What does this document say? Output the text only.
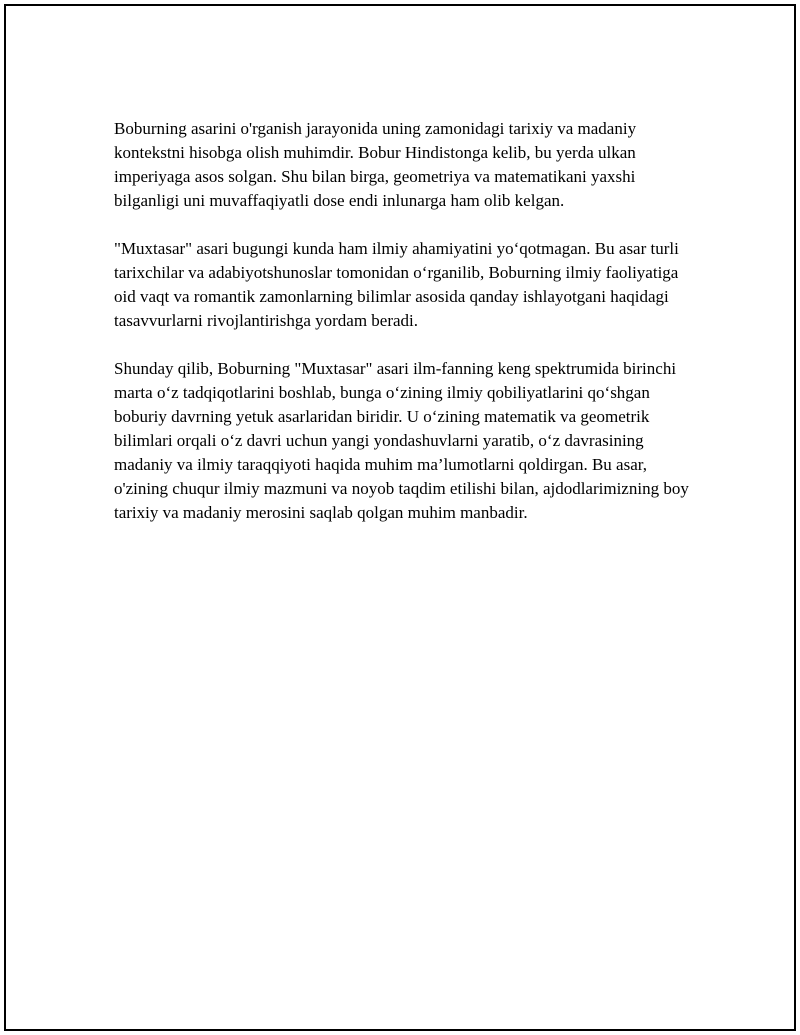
Boburning asarini o'rganish jarayonida uning zamonidagi tarixiy va madaniy kontekstni hisobga olish muhimdir. Bobur Hindistonga kelib, bu yerda ulkan imperiyaga asos solgan. Shu bilan birga, geometriya va matematikani yaxshi bilganligi uni muvaffaqiyatli dose endi inlunarga ham olib kelgan.

"Muxtasar" asari bugungi kunda ham ilmiy ahamiyatini yo‘qotmagan. Bu asar turli tarixchilar va adabiyotshunoslar tomonidan o‘rganilib, Boburning ilmiy faoliyatiga oid vaqt va romantik zamonlarning bilimlar asosida qanday ishlayotgani haqidagi tasavvurlarni rivojlantirishga yordam beradi.

Shunday qilib, Boburning "Muxtasar" asari ilm-fanning keng spektrumida birinchi marta o‘z tadqiqotlarini boshlab, bunga o‘zining ilmiy qobiliyatlarini qo‘shgan boburiy davrning yetuk asarlaridan biridir. U o‘zining matematik va geometrik bilimlari orqali o‘z davri uchun yangi yondashuvlarni yaratib, o‘z davrasining madaniy va ilmiy taraqqiyoti haqida muhim ma’lumotlarni qoldirgan. Bu asar, o'zining chuqur ilmiy mazmuni va noyob taqdim etilishi bilan, ajdodlarimizning boy tarixiy va madaniy merosini saqlab qolgan muhim manbadir.
